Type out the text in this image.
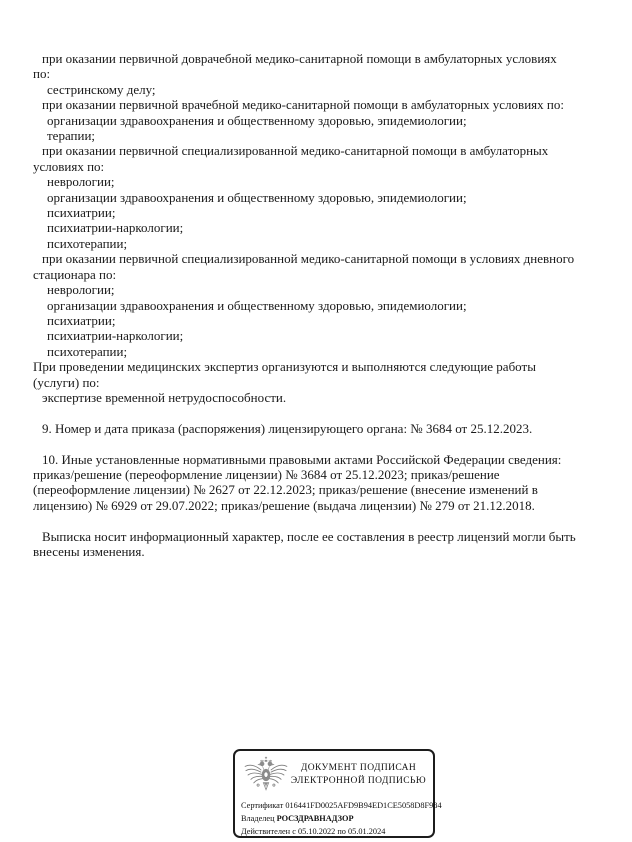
при оказании первичной доврачебной медико-санитарной помощи в амбулаторных условиях
по:
сестринскому делу;
при оказании первичной врачебной медико-санитарной помощи в амбулаторных условиях по:
организации здравоохранения и общественному здоровью, эпидемиологии;
терапии;
при оказании первичной специализированной медико-санитарной помощи в амбулаторных
условиях по:
неврологии;
организации здравоохранения и общественному здоровью, эпидемиологии;
психиатрии;
психиатрии-наркологии;
психотерапии;
при оказании первичной специализированной медико-санитарной помощи в условиях дневного
стационара по:
неврологии;
организации здравоохранения и общественному здоровью, эпидемиологии;
психиатрии;
психиатрии-наркологии;
психотерапии;
При проведении медицинских экспертиз организуются и выполняются следующие работы
(услуги) по:
экспертизе временной нетрудоспособности.

9. Номер и дата приказа (распоряжения) лицензирующего органа: № 3684 от 25.12.2023.

10. Иные установленные нормативными правовыми актами Российской Федерации сведения:
приказ/решение (переоформление лицензии) № 3684 от 25.12.2023; приказ/решение
(переоформление лицензии) № 2627 от 22.12.2023; приказ/решение (внесение изменений в
лицензию) № 6929 от 29.07.2022; приказ/решение (выдача лицензии) № 279 от 21.12.2018.

Выписка носит информационный характер, после ее составления в реестр лицензий могли быть
внесены изменения.
ДОКУМЕНТ ПОДПИСАН
ЭЛЕКТРОННОЙ ПОДПИСЬЮ
Сертификат 016441FD0025AFD9B94ED1CE5058D8F984
Владелец РОСЗДРАВНАДЗОР
Действителен с 05.10.2022 по 05.01.2024
